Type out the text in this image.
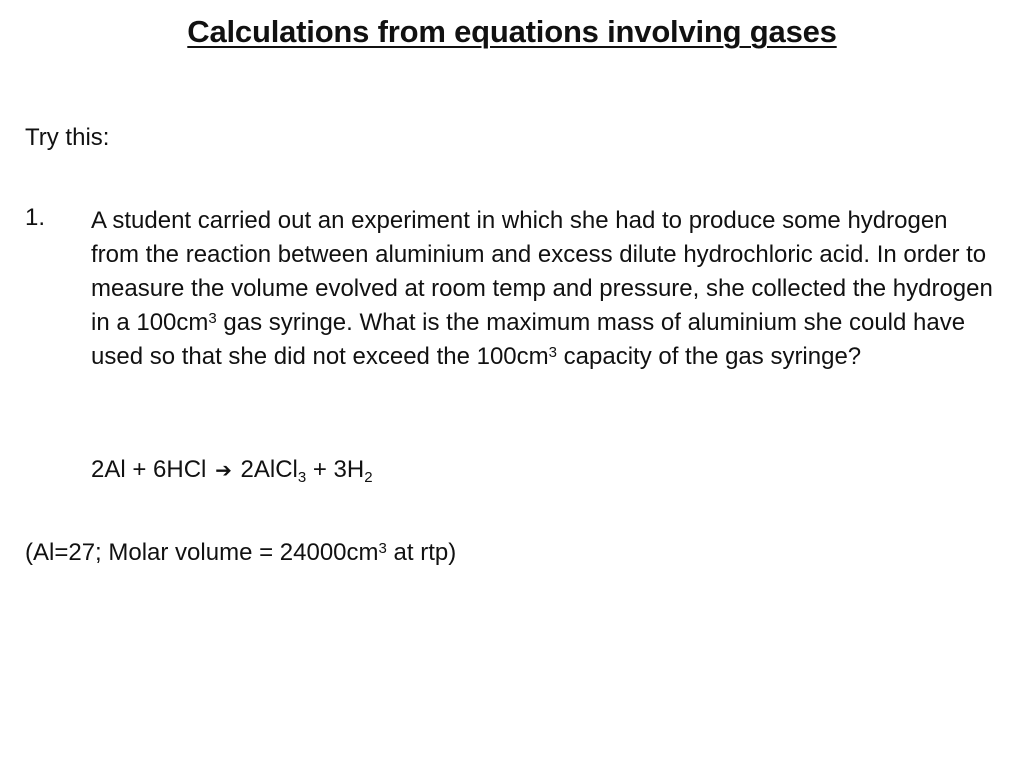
Calculations from equations involving gases
Try this:
1. A student carried out an experiment in which she had to produce some hydrogen from the reaction between aluminium and excess dilute hydrochloric acid. In order to measure the volume evolved at room temp and pressure, she collected the hydrogen in a $100cm^3$ gas syringe. What is the maximum mass of aluminium she could have used so that she did not exceed the $100cm^3$ capacity of the gas syringe?
2Al + 6HCl ➔ 2AlCl$_3$ + $3H_2$
(Al=27; Molar volume = $24000cm^3$ at rtp)
